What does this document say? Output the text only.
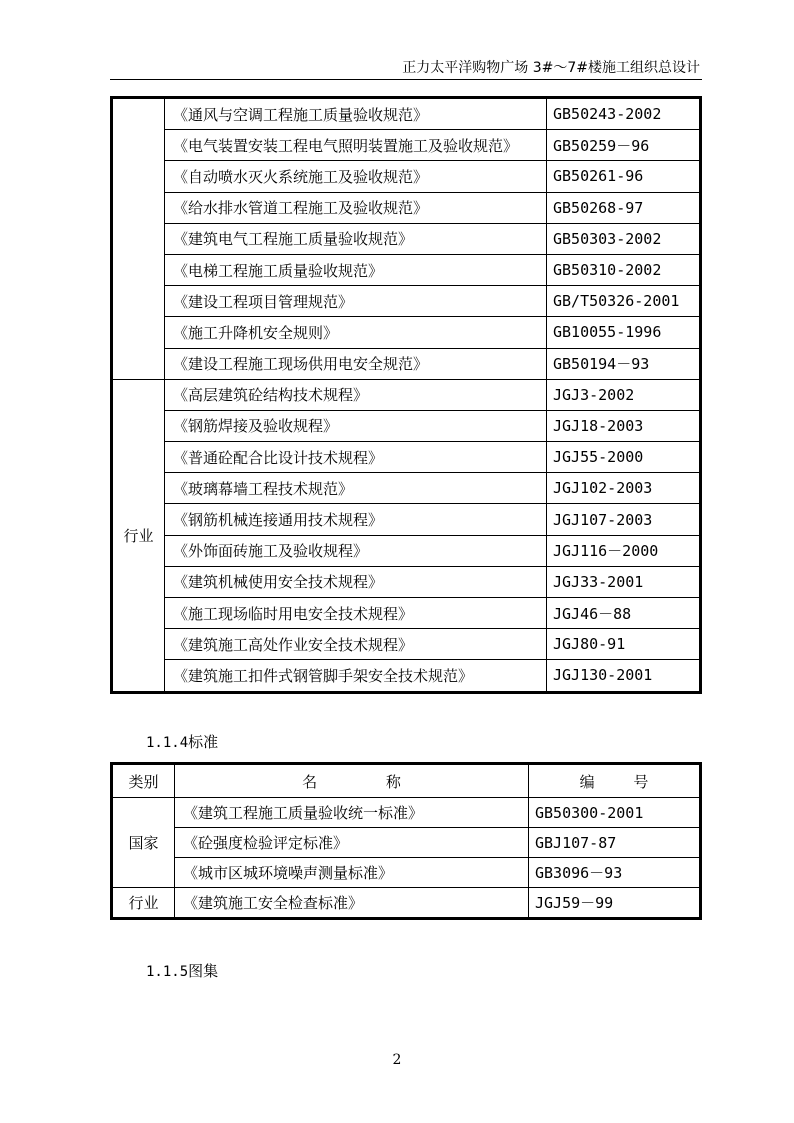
正力太平洋购物广场 3#～7#楼施工组织总设计
	《通风与空调工程施工质量验收规范》	GB50243-2002
	《电气装置安装工程电气照明装置施工及验收规范》	GB50259－96
	《自动喷水灭火系统施工及验收规范》	GB50261-96
	《给水排水管道工程施工及验收规范》	GB50268-97
	《建筑电气工程施工质量验收规范》	GB50303-2002
	《电梯工程施工质量验收规范》	GB50310-2002
	《建设工程项目管理规范》	GB/T50326-2001
	《施工升降机安全规则》	GB10055-1996
	《建设工程施工现场供用电安全规范》	GB50194－93
行业	《高层建筑砼结构技术规程》	JGJ3-2002
	《钢筋焊接及验收规程》	JGJ18-2003
	《普通砼配合比设计技术规程》	JGJ55-2000
	《玻璃幕墙工程技术规范》	JGJ102-2003
	《钢筋机械连接通用技术规程》	JGJ107-2003
	《外饰面砖施工及验收规程》	JGJ116－2000
	《建筑机械使用安全技术规程》	JGJ33-2001
	《施工现场临时用电安全技术规程》	JGJ46－88
	《建筑施工高处作业安全技术规程》	JGJ80-91
	《建筑施工扣件式钢管脚手架安全技术规范》	JGJ130-2001
1.1.4标准
类别	名 称	编 号
国家	《建筑工程施工质量验收统一标准》	GB50300-2001
	《砼强度检验评定标准》	GBJ107-87
	《城市区城环境噪声测量标准》	GB3096－93
行业	《建筑施工安全检查标准》	JGJ59－99
1.1.5图集
2
